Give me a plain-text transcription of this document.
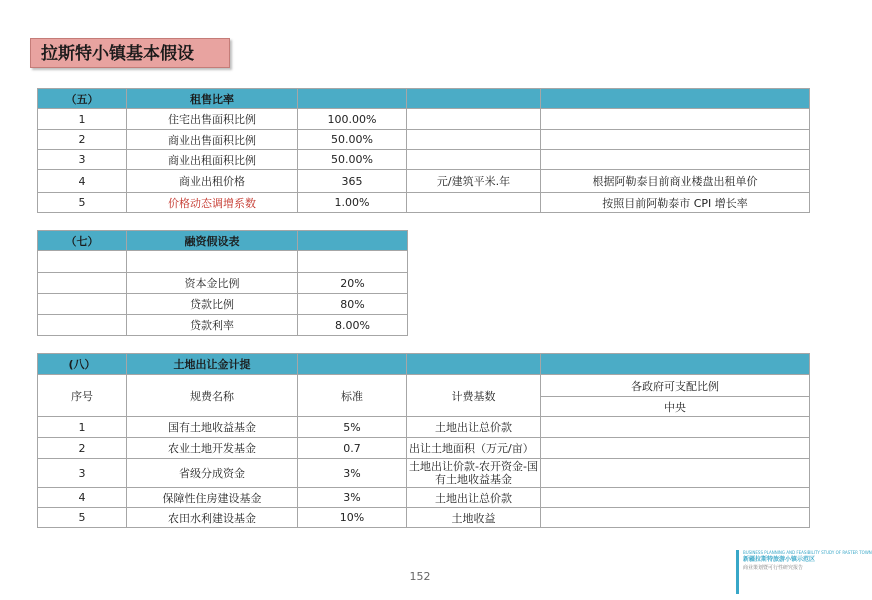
拉斯特小镇基本假设
（五）	租售比率			
1	住宅出售面积比例	100.00%		
2	商业出售面积比例	50.00%		
3	商业出租面积比例	50.00%		
4	商业出租价格	365	元/建筑平米.年	根据阿勒泰目前商业楼盘出租单价
5	价格动态调增系数	1.00%		按照目前阿勒泰市 CPI 增长率
（七）	融资假设表	

	资本金比例	20%
	贷款比例	80%
	贷款利率	8.00%
(八）	土地出让金计提			
序号	规费名称	标准	计费基数	各政府可支配比例
				中央
1	国有土地收益基金	5%	土地出让总价款	
2	农业土地开发基金	0.7	出让土地面积（万元/亩）	
3	省级分成资金	3%	土地出让价款-农开资金-国有土地收益基金	
4	保障性住房建设基金	3%	土地出让总价款	
5	农田水利建设基金	10%	土地收益	
152
BUSINESS PLANNING AND FEASIBILITY STUDY OF RASTER TOWN
新疆拉斯特旅游小镇示范区
商业策划暨可行性研究报告
